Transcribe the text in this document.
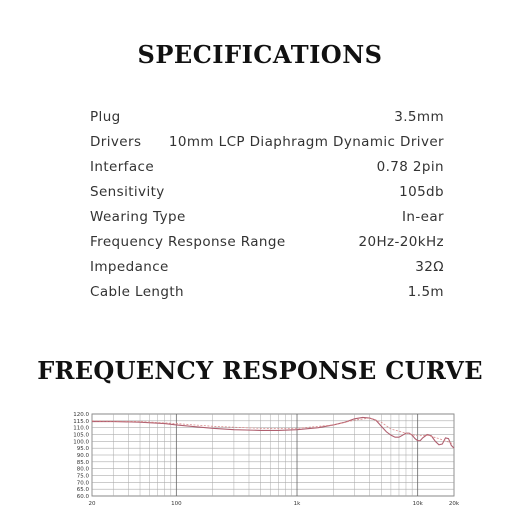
SPECIFICATIONS
Plug	3.5mm
Drivers 10mm LCP Diaphragm Dynamic Driver
Interface	0.78 2pin
Sensitivity	105db
Wearing Type	In-ear
Frequency Response Range	20Hz-20kHz
Impedance	32Ω
Cable Length	1.5m
FREQUENCY RESPONSE CURVE
120.0
115.0
110.0
105.0
100.0
95.0
90.0
85.0
80.0
75.0
70.0
65.0
60.0
20	100	1k	10k	20k
